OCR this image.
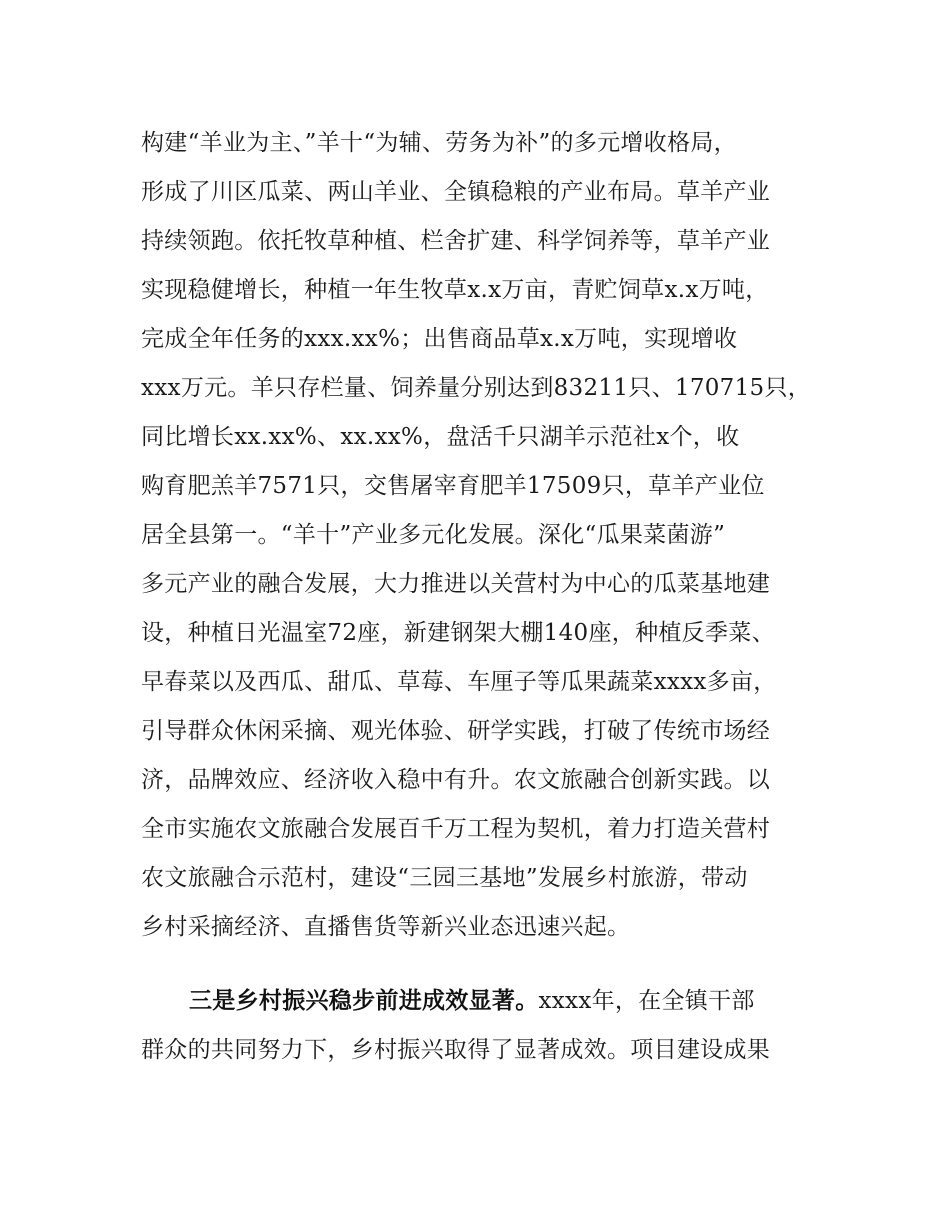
构建“羊业为主、”羊十“为辅、劳务为补”的多元增收格局，
形成了川区瓜菜、两山羊业、全镇稳粮的产业布局。草羊产业
持续领跑。依托牧草种植、栏舍扩建、科学饲养等，草羊产业
实现稳健增长，种植一年生牧草x.x万亩，青贮饲草x.x万吨，
完成全年任务的xxx.xx%；出售商品草x.x万吨，实现增收
xxx万元。羊只存栏量、饲养量分别达到83211只、170715只，
同比增长xx.xx%、xx.xx%，盘活千只湖羊示范社x个，收
购育肥羔羊7571只，交售屠宰育肥羊17509只，草羊产业位
居全县第一。“羊十”产业多元化发展。深化“瓜果菜菌游”
多元产业的融合发展，大力推进以关营村为中心的瓜菜基地建
设，种植日光温室72座，新建钢架大棚140座，种植反季菜、
早春菜以及西瓜、甜瓜、草莓、车厘子等瓜果蔬菜xxxx多亩，
引导群众休闲采摘、观光体验、研学实践，打破了传统市场经
济，品牌效应、经济收入稳中有升。农文旅融合创新实践。以
全市实施农文旅融合发展百千万工程为契机，着力打造关营村
农文旅融合示范村，建设“三园三基地”发展乡村旅游，带动
乡村采摘经济、直播售货等新兴业态迅速兴起。
三是乡村振兴稳步前进成效显著。xxxx年，在全镇干部
群众的共同努力下，乡村振兴取得了显著成效。项目建设成果
